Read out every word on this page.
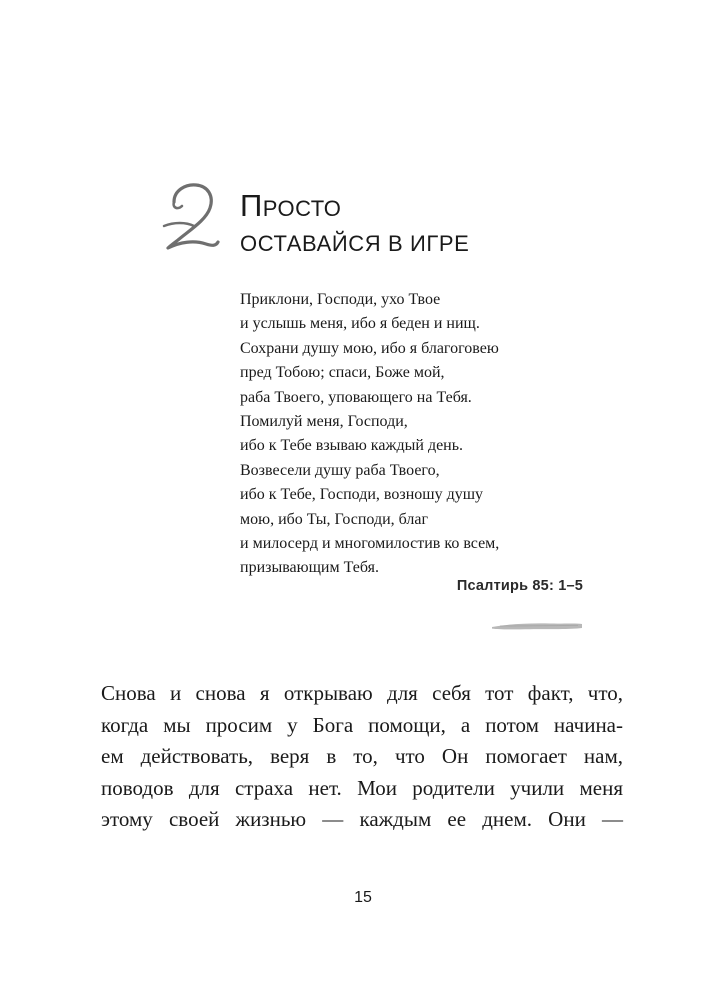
Просто
ОСТАВАЙСЯ В ИГРЕ
Приклони, Господи, ухо Твое
и услышь меня, ибо я беден и нищ.
Сохрани душу мою, ибо я благоговею
пред Тобою; спаси, Боже мой,
раба Твоего, уповающего на Тебя.
Помилуй меня, Господи,
ибо к Тебе взываю каждый день.
Возвесели душу раба Твоего,
ибо к Тебе, Господи, возношу душу
мою, ибо Ты, Господи, благ
и милосерд и многомилостив ко всем,
призывающим Тебя.
Псалтирь 85: 1–5
Снова и снова я открываю для себя тот факт, что,
когда мы просим у Бога помощи, а потом начина-
ем действовать, веря в то, что Он помогает нам,
поводов для страха нет. Мои родители учили меня
этому своей жизнью — каждым ее днем. Они —
15
